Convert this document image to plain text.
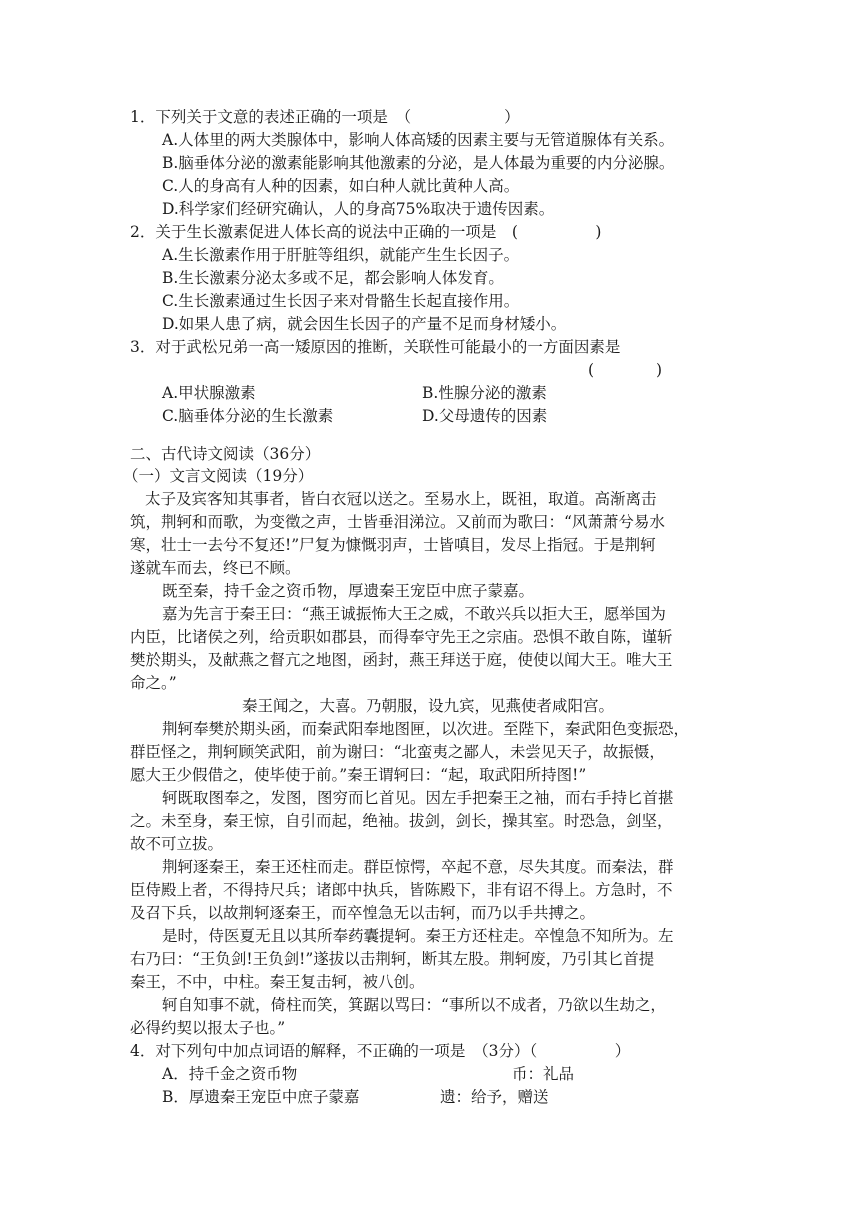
1．下列关于文意的表述正确的一项是　（　　　　　　）
A.人体里的两大类腺体中，影响人体高矮的因素主要与无管道腺体有关系。
B.脑垂体分泌的激素能影响其他激素的分泌，是人体最为重要的内分泌腺。
C.人的身高有人种的因素，如白种人就比黄种人高。
D.科学家们经研究确认，人的身高75%取决于遗传因素。
2．关于生长激素促进人体长高的说法中正确的一项是　(　　　　　)
A.生长激素作用于肝脏等组织，就能产生生长因子。
B.生长激素分泌太多或不足，都会影响人体发育。
C.生长激素通过生长因子来对骨骼生长起直接作用。
D.如果人患了病，就会因生长因子的产量不足而身材矮小。
3．对于武松兄弟一高一矮原因的推断，关联性可能最小的一方面因素是
(　　　　)
A.甲状腺激素	B.性腺分泌的激素
C.脑垂体分泌的生长激素	D.父母遗传的因素
二、古代诗文阅读（36分）
（一）文言文阅读（19分）
太子及宾客知其事者，皆白衣冠以送之。至易水上，既祖，取道。高渐离击
筑，荆轲和而歌，为变徵之声，士皆垂泪涕泣。又前而为歌曰：“风萧萧兮易水
寒，壮士一去兮不复还!”尸复为慷慨羽声，士皆嗔目，发尽上指冠。于是荆轲
遂就车而去，终已不顾。
既至秦，持千金之资币物，厚遗秦王宠臣中庶子蒙嘉。
嘉为先言于秦王曰：“燕王诚振怖大王之威，不敢兴兵以拒大王，愿举国为
内臣，比诸侯之列，给贡职如郡县，而得奉守先王之宗庙。恐惧不敢自陈，谨斩
樊於期头，及献燕之督亢之地图，函封，燕王拜送于庭，使使以闻大王。唯大王
命之。”
秦王闻之，大喜。乃朝服，设九宾，见燕使者咸阳宫。
荆轲奉樊於期头函，而秦武阳奉地图匣，以次进。至陛下，秦武阳色变振恐，
群臣怪之，荆轲顾笑武阳，前为谢曰：“北蛮夷之鄙人，未尝见天子，故振慑，
愿大王少假借之，使毕使于前。”秦王谓轲曰：“起，取武阳所持图!”
轲既取图奉之，发图，图穷而匕首见。因左手把秦王之袖，而右手持匕首揕
之。未至身，秦王惊，自引而起，绝袖。拔剑，剑长，操其室。时恐急，剑坚，
故不可立拔。
荆轲逐秦王，秦王还柱而走。群臣惊愕，卒起不意，尽失其度。而秦法，群
臣侍殿上者，不得持尺兵；诸郎中执兵，皆陈殿下，非有诏不得上。方急时，不
及召下兵，以故荆轲逐秦王，而卒惶急无以击轲，而乃以手共搏之。
是时，侍医夏无且以其所奉药囊提轲。秦王方还柱走。卒惶急不知所为。左
右乃曰：“王负剑!王负剑!”遂拔以击荆轲，断其左股。荆轲废，乃引其匕首提
秦王，不中，中柱。秦王复击轲，被八创。
轲自知事不就，倚柱而笑，箕踞以骂曰：“事所以不成者，乃欲以生劫之，
必得约契以报太子也。”
4．对下列句中加点词语的解释，不正确的一项是　（3分）（　　　　　）
A．持千金之资币物	币：礼品
B．厚遗秦王宠臣中庶子蒙嘉	遗：给予，赠送
